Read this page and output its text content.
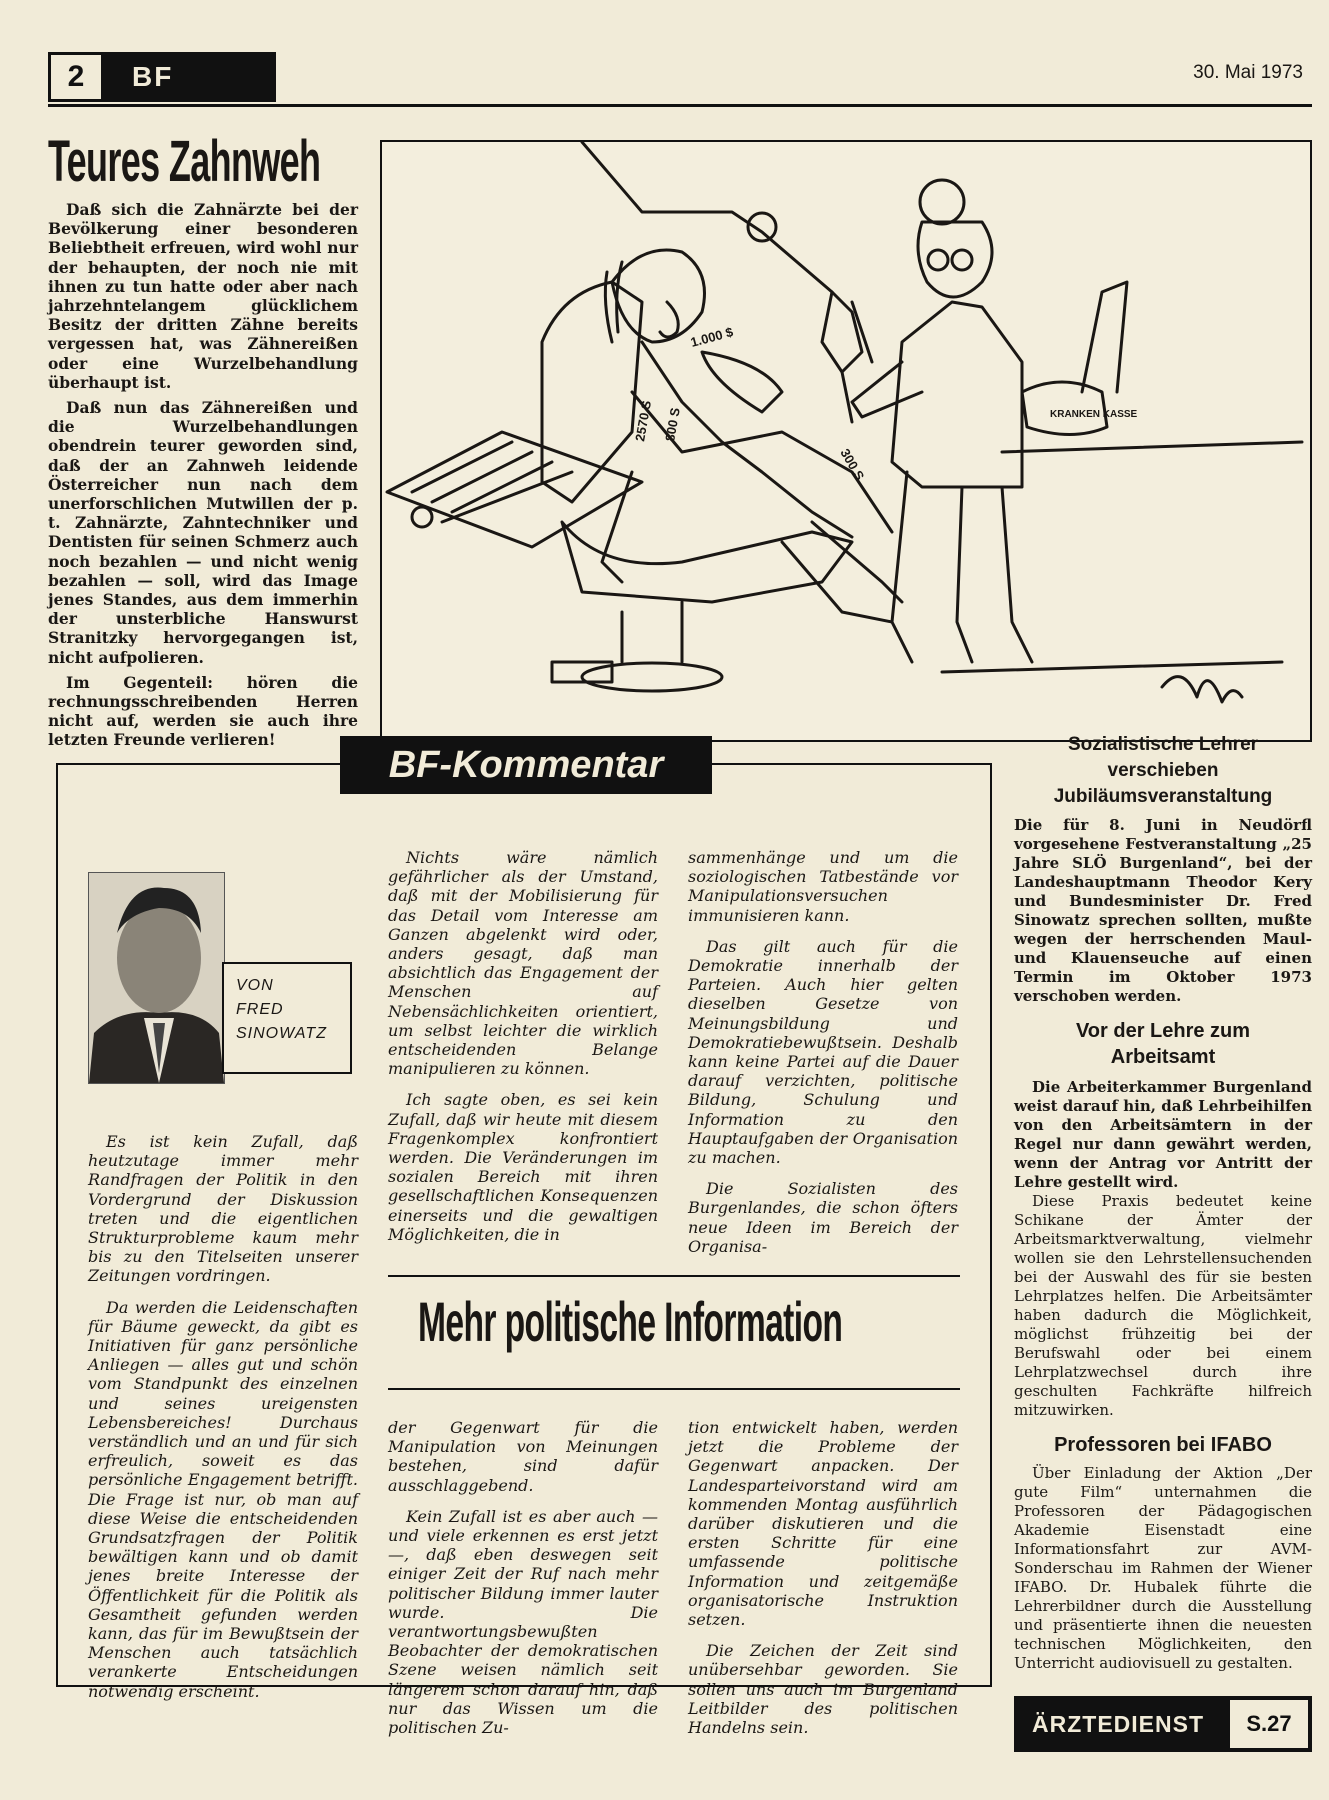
2	BF	30. Mai 1973
Teures Zahnweh

Daß sich die Zahnärzte bei der Bevölkerung einer besonderen Beliebtheit erfreuen, wird wohl nur der behaupten, der noch nie mit ihnen zu tun hatte oder aber nach jahrzehntelangem glücklichem Besitz der dritten Zähne bereits vergessen hat, was Zähnereißen oder eine Wurzelbehandlung überhaupt ist.

Daß nun das Zähnereißen und die Wurzelbehandlungen obendrein teurer geworden sind, daß der an Zahnweh leidende Österreicher nun nach dem unerforschlichen Mutwillen der p. t. Zahnärzte, Zahntechniker und Dentisten für seinen Schmerz auch noch bezahlen — und nicht wenig bezahlen — soll, wird das Image jenes Standes, aus dem immerhin der unsterbliche Hanswurst Stranitzky hervorgegangen ist, nicht aufpolieren.

Im Gegenteil: hören die rechnungsschreibenden Herren nicht auf, werden sie auch ihre letzten Freunde verlieren!

1.000 $
2570 S 800 S
300 S
KRANKEN KASSE
BF-Kommentar
VON
FRED
SINOWATZ

Es ist kein Zufall, daß heutzutage immer mehr Randfragen der Politik in den Vordergrund der Diskussion treten und die eigentlichen Strukturprobleme kaum mehr bis zu den Titelseiten unserer Zeitungen vordringen.

Da werden die Leidenschaften für Bäume geweckt, da gibt es Initiativen für ganz persönliche Anliegen — alles gut und schön vom Standpunkt des einzelnen und seines ureigensten Lebensbereiches! Durchaus verständlich und an und für sich erfreulich, soweit es das persönliche Engagement betrifft. Die Frage ist nur, ob man auf diese Weise die entscheidenden Grundsatzfragen der Politik bewältigen kann und ob damit jenes breite Interesse der Öffentlichkeit für die Politik als Gesamtheit gefunden werden kann, das für im Bewußtsein der Menschen auch tatsächlich verankerte Entscheidungen notwendig erscheint.

Nichts wäre nämlich gefährlicher als der Umstand, daß mit der Mobilisierung für das Detail vom Interesse am Ganzen abgelenkt wird oder, anders gesagt, daß man absichtlich das Engagement der Menschen auf Nebensächlichkeiten orientiert, um selbst leichter die wirklich entscheidenden Belange manipulieren zu können.

Ich sagte oben, es sei kein Zufall, daß wir heute mit diesem Fragenkomplex konfrontiert werden. Die Veränderungen im sozialen Bereich mit ihren gesellschaftlichen Konsequenzen einerseits und die gewaltigen Möglichkeiten, die in

sammenhänge und um die soziologischen Tatbestände vor Manipulationsversuchen immunisieren kann.

Das gilt auch für die Demokratie innerhalb der Parteien. Auch hier gelten dieselben Gesetze von Meinungsbildung und Demokratiebewußtsein. Deshalb kann keine Partei auf die Dauer darauf verzichten, politische Bildung, Schulung und Information zu den Hauptaufgaben der Organisation zu machen.

Die Sozialisten des Burgenlandes, die schon öfters neue Ideen im Bereich der Organisa-

Mehr politische Information

der Gegenwart für die Manipulation von Meinungen bestehen, sind dafür ausschlaggebend.

Kein Zufall ist es aber auch — und viele erkennen es erst jetzt —, daß eben deswegen seit einiger Zeit der Ruf nach mehr politischer Bildung immer lauter wurde. Die verantwortungsbewußten Beobachter der demokratischen Szene weisen nämlich seit längerem schon darauf hin, daß nur das Wissen um die politischen Zu-

tion entwickelt haben, werden jetzt die Probleme der Gegenwart anpacken. Der Landesparteivorstand wird am kommenden Montag ausführlich darüber diskutieren und die ersten Schritte für eine umfassende politische Information und zeitgemäße organisatorische Instruktion setzen.

Die Zeichen der Zeit sind unübersehbar geworden. Sie sollen uns auch im Burgenland Leitbilder des politischen Handelns sein.

Sozialistische Lehrer verschieben Jubiläumsveranstaltung
Die für 8. Juni in Neudörfl vorgesehene Festveranstaltung „25 Jahre SLÖ Burgenland“, bei der Landeshauptmann Theodor Kery und Bundesminister Dr. Fred Sinowatz sprechen sollten, mußte wegen der herrschenden Maul- und Klauenseuche auf einen Termin im Oktober 1973 verschoben werden.
Vor der Lehre zum Arbeitsamt
Die Arbeiterkammer Burgenland weist darauf hin, daß Lehrbeihilfen von den Arbeitsämtern in der Regel nur dann gewährt werden, wenn der Antrag vor Antritt der Lehre gestellt wird.
Diese Praxis bedeutet keine Schikane der Ämter der Arbeitsmarktverwaltung, vielmehr wollen sie den Lehrstellensuchenden bei der Auswahl des für sie besten Lehrplatzes helfen. Die Arbeitsämter haben dadurch die Möglichkeit, möglichst frühzeitig bei der Berufswahl oder bei einem Lehrplatzwechsel durch ihre geschulten Fachkräfte hilfreich mitzuwirken.
Professoren bei IFABO
Über Einladung der Aktion „Der gute Film“ unternahmen die Professoren der Pädagogischen Akademie Eisenstadt eine Informationsfahrt zur AVM-Sonderschau im Rahmen der Wiener IFABO. Dr. Hubalek führte die Lehrerbildner durch die Ausstellung und präsentierte ihnen die neuesten technischen Möglichkeiten, den Unterricht audiovisuell zu gestalten.
ÄRZTEDIENST	S.27
